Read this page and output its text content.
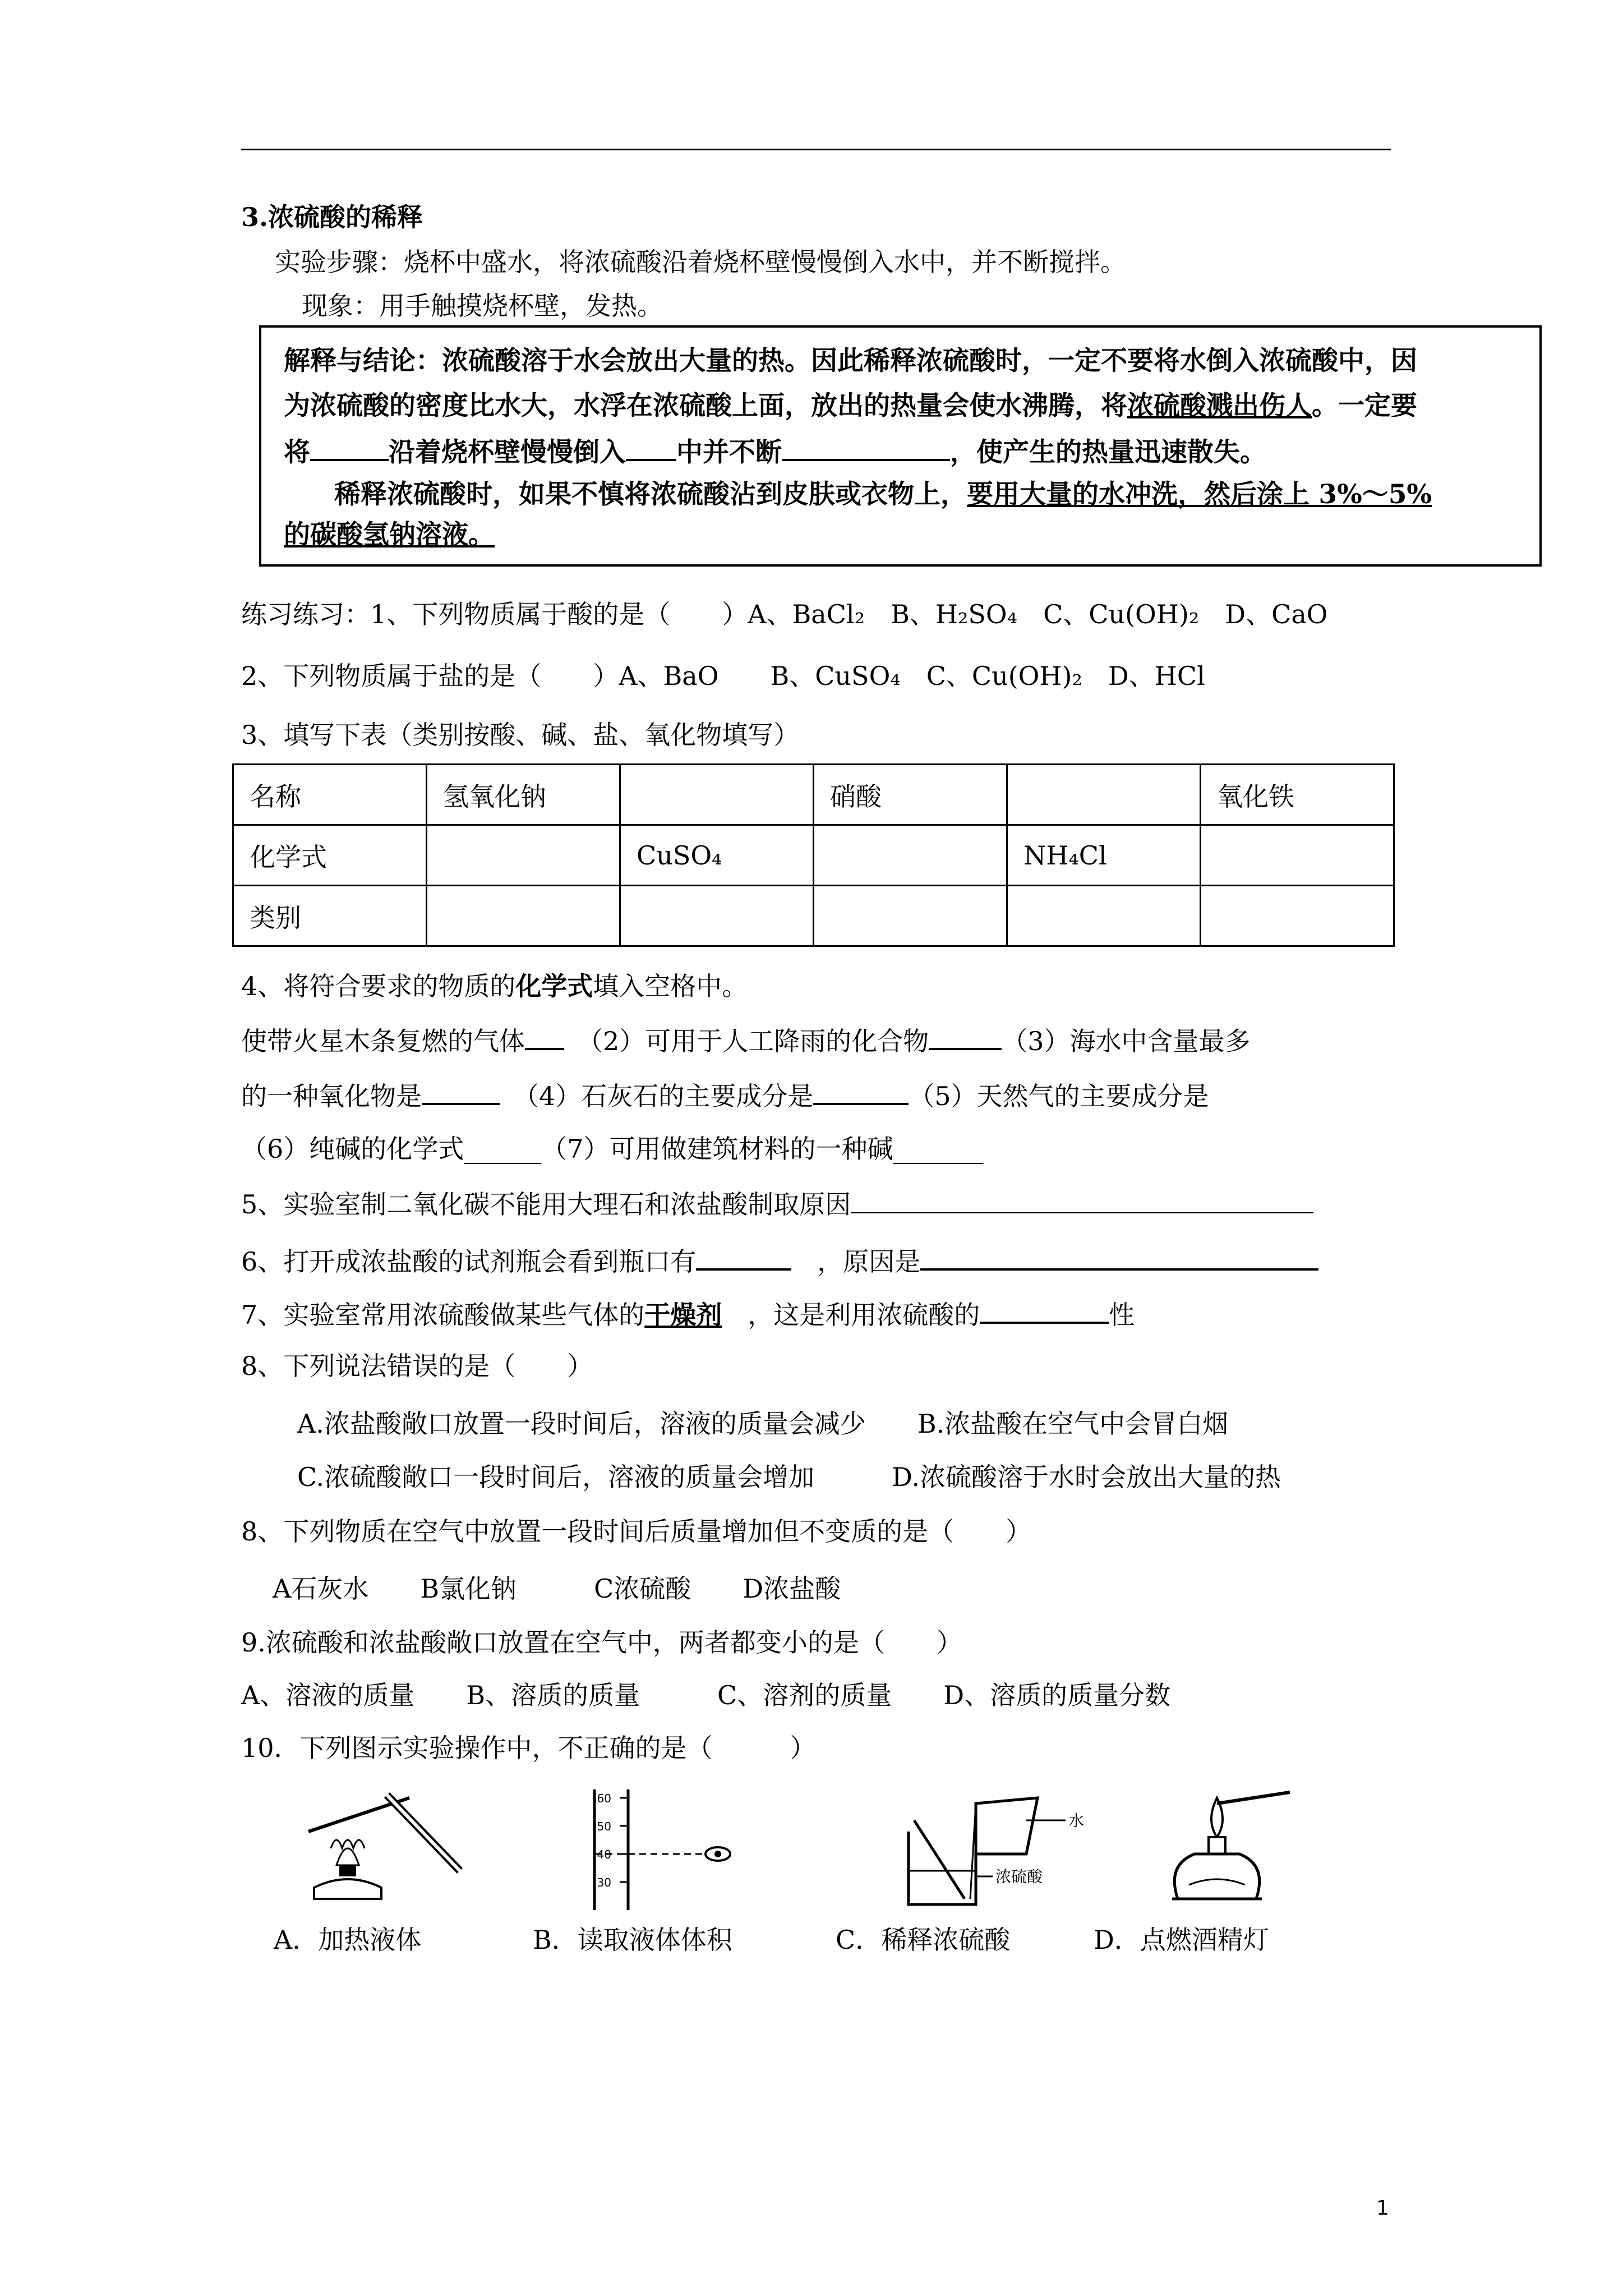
3.浓硫酸的稀释
实验步骤：烧杯中盛水，将浓硫酸沿着烧杯壁慢慢倒入水中，并不断搅拌。
现象：用手触摸烧杯壁，发热。
解释与结论：浓硫酸溶于水会放出大量的热。因此稀释浓硫酸时，一定不要将水倒入浓硫酸中，因
为浓硫酸的密度比水大，水浮在浓硫酸上面，放出的热量会使水沸腾，将浓硫酸溅出伤人。一定要
将	沿着烧杯壁慢慢倒入 中并不断	，使产生的热量迅速散失。
稀释浓硫酸时，如果不慎将浓硫酸沾到皮肤或衣物上，要用大量的水冲洗，然后涂上 3%～5%
的碳酸氢钠溶液。
练习练习：1、下列物质属于酸的是（　　）A、BaCl₂　B、H₂SO₄　C、Cu(OH)₂　D、CaO
2、下列物质属于盐的是（　　）A、BaO　　B、CuSO₄　C、Cu(OH)₂　D、HCl
3、填写下表（类别按酸、碱、盐、氧化物填写）
名称	氢氧化钠		硝酸		氧化铁
化学式		CuSO₄		NH₄Cl	
类别					
4、将符合要求的物质的化学式填入空格中。
使带火星木条复燃的气体　（2）可用于人工降雨的化合物	（3）海水中含量最多
的一种氧化物是	　（4）石灰石的主要成分是	（5）天然气的主要成分是
（6）纯碱的化学式______（7）可用做建筑材料的一种碱_______
5、实验室制二氧化碳不能用大理石和浓盐酸制取原因
6、打开成浓盐酸的试剂瓶会看到瓶口有　	，原因是
7、实验室常用浓硫酸做某些气体的干燥剂　 ，这是利用浓硫酸的	性
8、下列说法错误的是（　　）
A.浓盐酸敞口放置一段时间后，溶液的质量会减少　　B.浓盐酸在空气中会冒白烟
C.浓硫酸敞口一段时间后，溶液的质量会增加　　　D.浓硫酸溶于水时会放出大量的热
8、下列物质在空气中放置一段时间后质量增加但不变质的是（　　）
A石灰水　　B氯化钠　　　C浓硫酸　　D浓盐酸
9.浓硫酸和浓盐酸敞口放置在空气中，两者都变小的是（　　）
A、溶液的质量　　B、溶质的质量　　　C、溶剂的质量　　D、溶质的质量分数
10．下列图示实验操作中，不正确的是（　　　）
60
50
40
30
水
浓硫酸
A．加热液体	B．读取液体体积	C．稀释浓硫酸	D．点燃酒精灯
1
